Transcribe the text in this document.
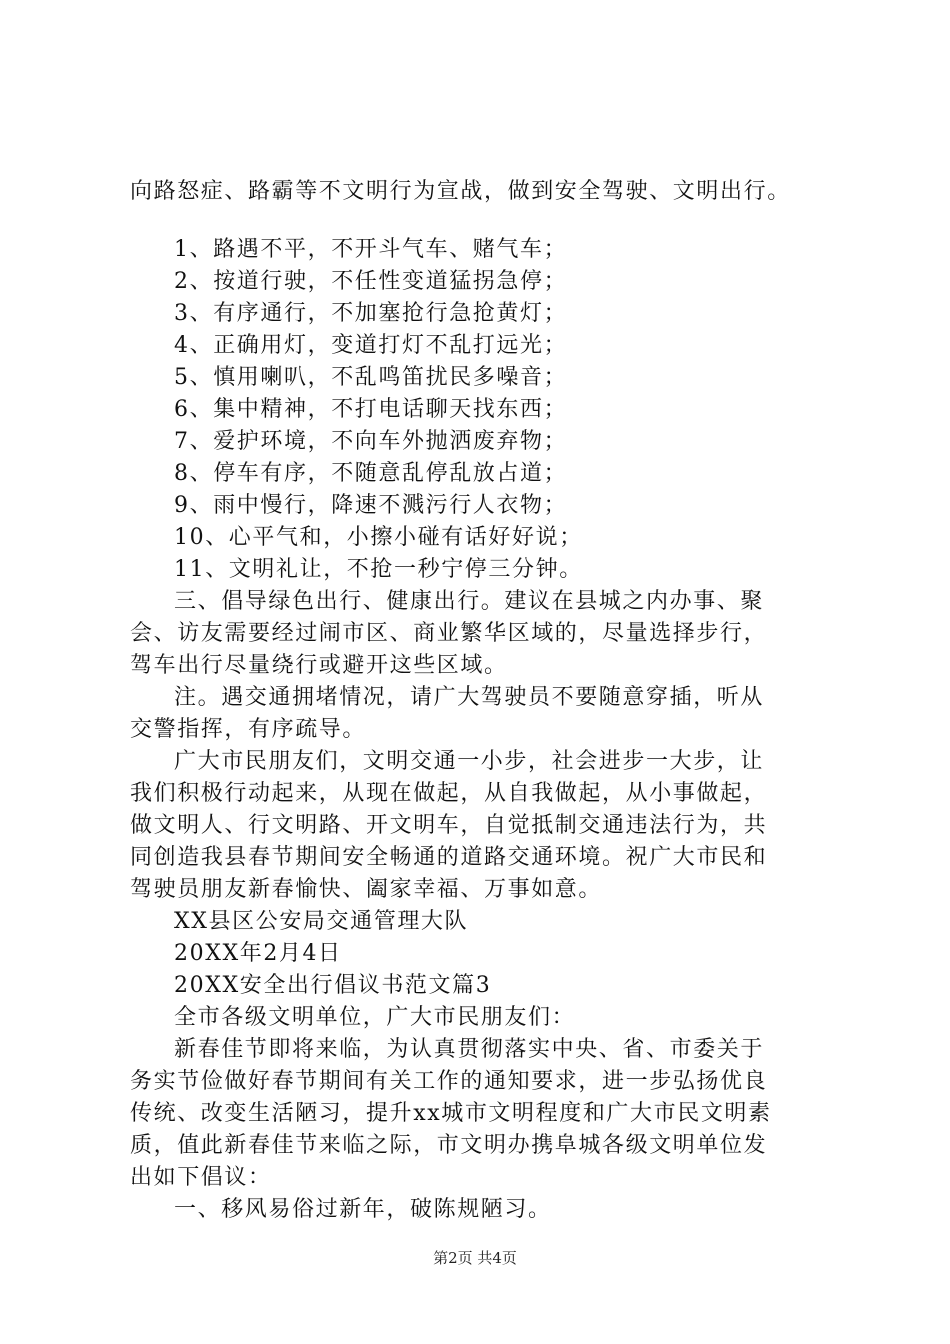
向路怒症、路霸等不文明行为宣战，做到安全驾驶、文明出行。
1、路遇不平，不开斗气车、赌气车；
2、按道行驶，不任性变道猛拐急停；
3、有序通行，不加塞抢行急抢黄灯；
4、正确用灯，变道打灯不乱打远光；
5、慎用喇叭，不乱鸣笛扰民多噪音；
6、集中精神，不打电话聊天找东西；
7、爱护环境，不向车外抛洒废弃物；
8、停车有序，不随意乱停乱放占道；
9、雨中慢行，降速不溅污行人衣物；
10、心平气和，小擦小碰有话好好说；
11、文明礼让，不抢一秒宁停三分钟。
三、倡导绿色出行、健康出行。建议在县城之内办事、聚
会、访友需要经过闹市区、商业繁华区域的，尽量选择步行，
驾车出行尽量绕行或避开这些区域。
注。遇交通拥堵情况，请广大驾驶员不要随意穿插，听从
交警指挥，有序疏导。
广大市民朋友们，文明交通一小步，社会进步一大步，让
我们积极行动起来，从现在做起，从自我做起，从小事做起，
做文明人、行文明路、开文明车，自觉抵制交通违法行为，共
同创造我县春节期间安全畅通的道路交通环境。祝广大市民和
驾驶员朋友新春愉快、阖家幸福、万事如意。
XX县区公安局交通管理大队
20XX年2月4日
20XX安全出行倡议书范文篇3
全市各级文明单位，广大市民朋友们：
新春佳节即将来临，为认真贯彻落实中央、省、市委关于
务实节俭做好春节期间有关工作的通知要求，进一步弘扬优良
传统、改变生活陋习，提升xx城市文明程度和广大市民文明素
质，值此新春佳节来临之际，市文明办携阜城各级文明单位发
出如下倡议：
一、移风易俗过新年，破陈规陋习。
第2页 共4页
